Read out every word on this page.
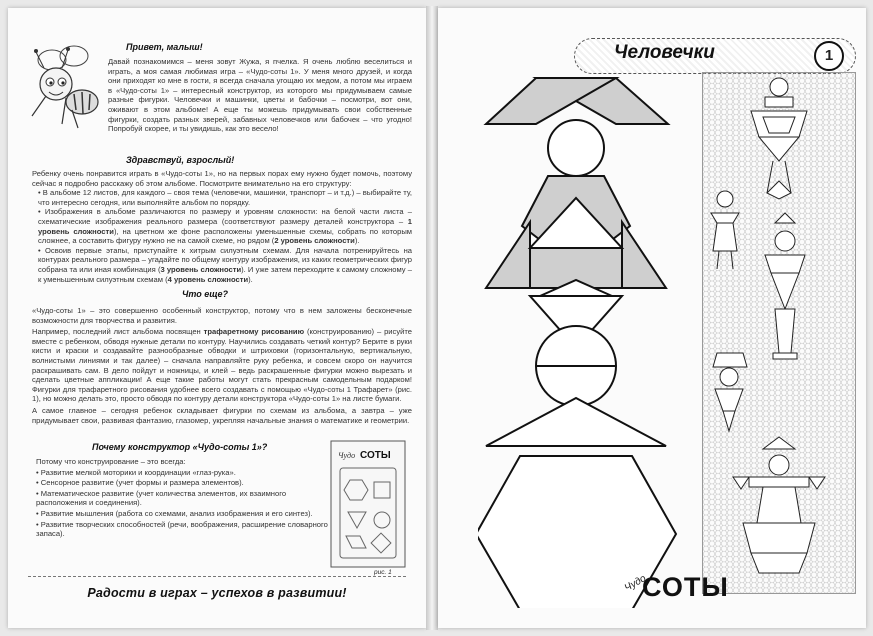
Привет, малыш!
Давай познакомимся – меня зовут Жужа, я пчелка. Я очень люблю веселиться и играть, а моя самая любимая игра – «Чудо-соты 1». У меня много друзей, и когда они приходят ко мне в гости, я всегда сначала угощаю их медом, а потом мы играем в «Чудо-соты 1» – интересный конструктор, из которого мы придумываем самые разные фигурки. Человечки и машинки, цветы и бабочки – посмотри, вот они, оживают в этом альбоме! А еще ты можешь придумывать свои собственные фигурки, создать разных зверей, забавных человечков или бабочек – что угодно! Попробуй скорее, и ты увидишь, как это весело!
Здравствуй, взрослый!

Ребенку очень понравится играть в «Чудо-соты 1», но на первых порах ему нужно будет помочь, поэтому сейчас я подробно расскажу об этом альбоме. Посмотрите внимательно на его структуру:

• В альбоме 12 листов, для каждого – своя тема (человечки, машинки, транспорт – и т.д.) – выбирайте ту, что интересно сегодня, или выполняйте альбом по порядку.

• Изображения в альбоме различаются по размеру и уровням сложности: на белой части листа – схематические изображения реального размера (соответствуют размеру деталей конструктора – 1 уровень сложности), на цветном же фоне расположены уменьшенные схемы, собрать по которым сложнее, а составить фигуру нужно не на самой схеме, но рядом (2 уровень сложности).

• Освоив первые этапы, приступайте к хитрым силуэтным схемам. Для начала потренируйтесь на контурах реального размера – угадайте по общему контуру изображения, из каких геометрических фигур собрана та или иная комбинация (3 уровень сложности). И уже затем переходите к самому сложному – к уменьшенным силуэтным схемам (4 уровень сложности).

Что еще?

«Чудо-соты 1» – это совершенно особенный конструктор, потому что в нем заложены бесконечные возможности для творчества и развития.

Например, последний лист альбома посвящен трафаретному рисованию (конструированию) – рисуйте вместе с ребенком, обводя нужные детали по контуру. Научились создавать четкий контур? Берите в руки кисти и краски и создавайте разнообразные обводки и штриховки (горизонтальную, вертикальную, волнистыми линиями и так далее) – сначала направляйте руку ребенка, и совсем скоро он научится раскрашивать сам. В дело пойдут и ножницы, и клей – ведь раскрашенные фигурки можно вырезать и сделать цветные аппликации! А еще такие работы могут стать прекрасным самодельным подарком! Фигурки для трафаретного рисования удобнее всего создавать с помощью «Чудо-соты 1 Трафарет» (рис. 1), но можно делать это, просто обводя по контуру детали конструктора «Чудо-соты 1» на листе бумаги.

А самое главное – сегодня ребенок складывает фигурки по схемам из альбома, а завтра – уже придумывает свои, развивая фантазию, глазомер, укрепляя начальные знания о математике и геометрии.

Почему конструктор «Чудо-соты 1»?
Потому что конструирование – это всегда:
• Развитие мелкой моторики и координации «глаз-рука».
• Сенсорное развитие (учет формы и размера элементов).
• Математическое развитие (учет количества элементов, их взаимного расположения и соединения).
• Развитие мышления (работа со схемами, анализ изображения и его синтез).
• Развитие творческих способностей (речи, воображения, расширение словарного запаса).
Чудо СОТЫ
рис. 1
Радости в играх – успехов в развитии!
Человечки	1
Чудо
СОТЫ
